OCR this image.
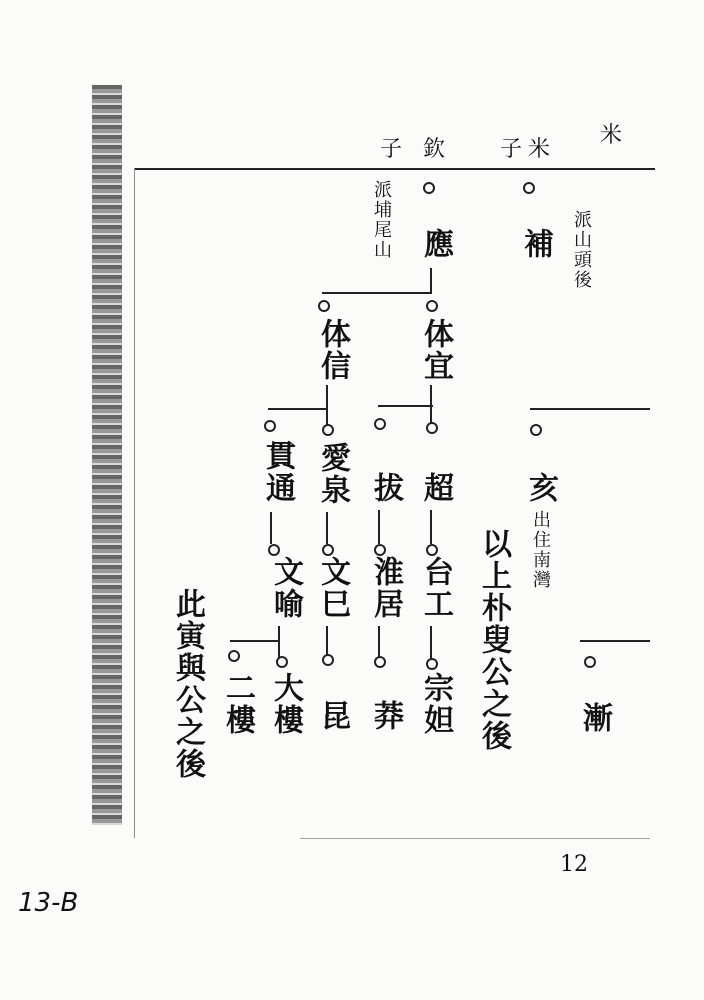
子 欽 子 米
米
補 派山頭後
應
派埔尾山
体宜
体信
超
拔
愛泉
貫通	亥
出住南灣
台工
淮居
文巳
文喻
宗妲
莽
昆
大樓
二樓	漸
以上朴叟公之後
此寅與公之後
12
13-B
